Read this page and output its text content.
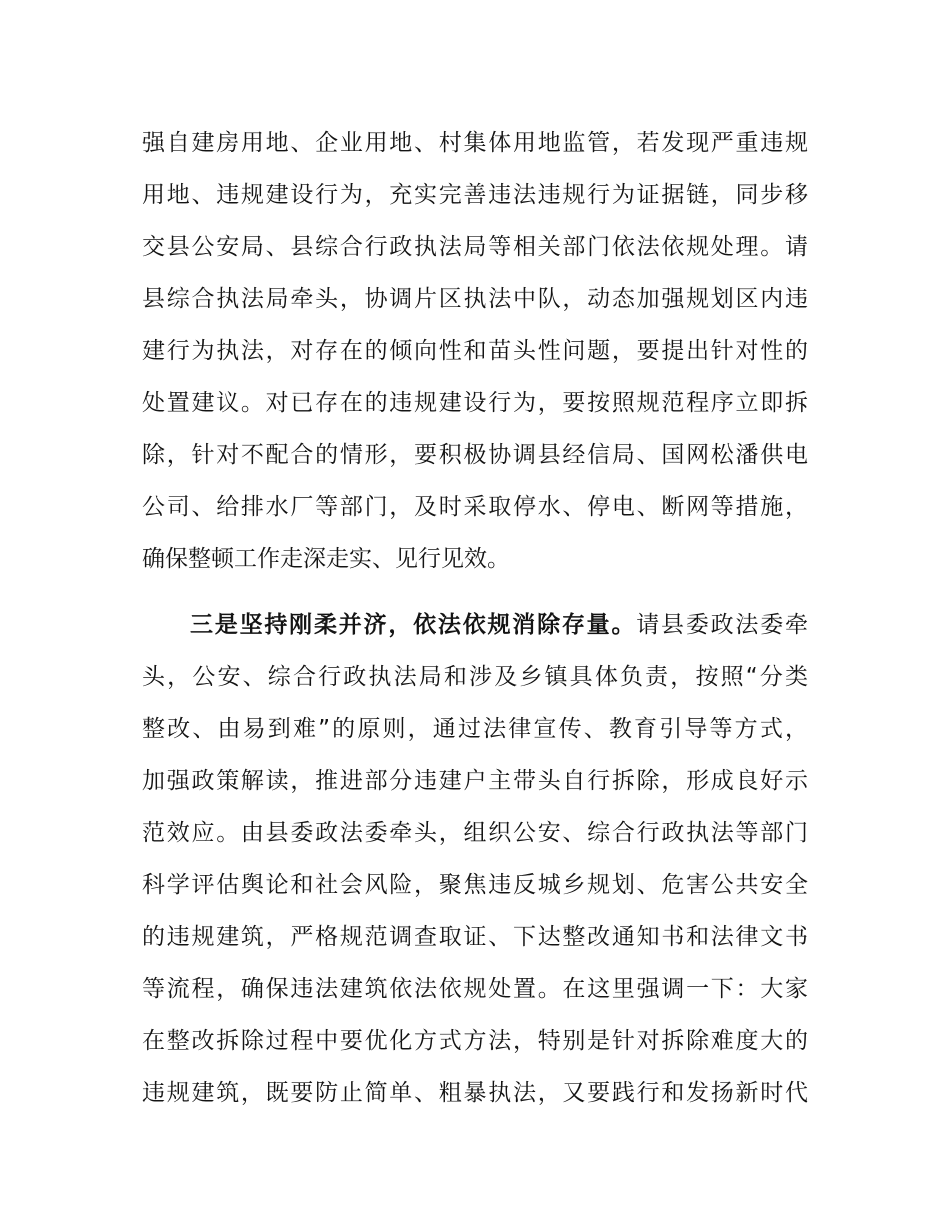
强自建房用地、企业用地、村集体用地监管，若发现严重违规
用地、违规建设行为，充实完善违法违规行为证据链，同步移
交县公安局、县综合行政执法局等相关部门依法依规处理。请
县综合执法局牵头，协调片区执法中队，动态加强规划区内违
建行为执法，对存在的倾向性和苗头性问题，要提出针对性的
处置建议。对已存在的违规建设行为，要按照规范程序立即拆
除，针对不配合的情形，要积极协调县经信局、国网松潘供电
公司、给排水厂等部门，及时采取停水、停电、断网等措施，
确保整顿工作走深走实、见行见效。
三是坚持刚柔并济，依法依规消除存量。请县委政法委牵
头，公安、综合行政执法局和涉及乡镇具体负责，按照“分类
整改、由易到难”的原则，通过法律宣传、教育引导等方式，
加强政策解读，推进部分违建户主带头自行拆除，形成良好示
范效应。由县委政法委牵头，组织公安、综合行政执法等部门
科学评估舆论和社会风险，聚焦违反城乡规划、危害公共安全
的违规建筑，严格规范调查取证、下达整改通知书和法律文书
等流程，确保违法建筑依法依规处置。在这里强调一下：大家
在整改拆除过程中要优化方式方法，特别是针对拆除难度大的
违规建筑，既要防止简单、粗暴执法，又要践行和发扬新时代
